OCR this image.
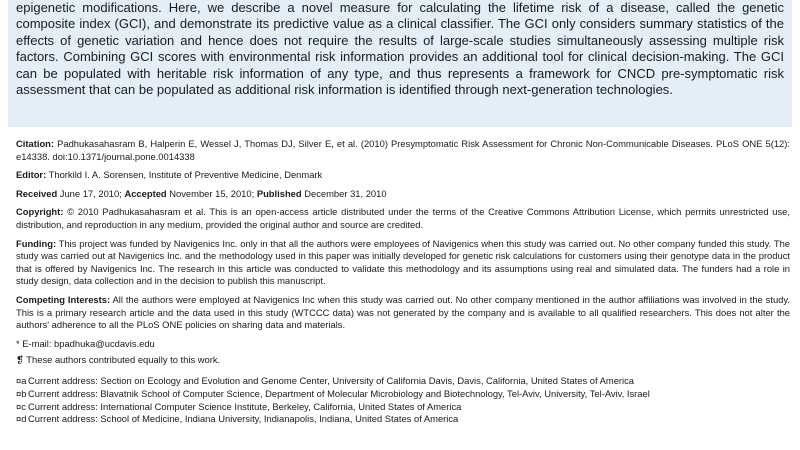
epigenetic modifications. Here, we describe a novel measure for calculating the lifetime risk of a disease, called the genetic composite index (GCI), and demonstrate its predictive value as a clinical classifier. The GCI only considers summary statistics of the effects of genetic variation and hence does not require the results of large-scale studies simultaneously assessing multiple risk factors. Combining GCI scores with environmental risk information provides an additional tool for clinical decision-making. The GCI can be populated with heritable risk information of any type, and thus represents a framework for CNCD pre-symptomatic risk assessment that can be populated as additional risk information is identified through next-generation technologies.

Citation: Padhukasahasram B, Halperin E, Wessel J, Thomas DJ, Silver E, et al. (2010) Presymptomatic Risk Assessment for Chronic Non-Communicable Diseases. PLoS ONE 5(12): e14338. doi:10.1371/journal.pone.0014338

Editor: Thorkild I. A. Sorensen, Institute of Preventive Medicine, Denmark

Received June 17, 2010; Accepted November 15, 2010; Published December 31, 2010

Copyright: © 2010 Padhukasahasram et al. This is an open-access article distributed under the terms of the Creative Commons Attribution License, which permits unrestricted use, distribution, and reproduction in any medium, provided the original author and source are credited.

Funding: This project was funded by Navigenics Inc. only in that all the authors were employees of Navigenics when this study was carried out. No other company funded this study. The study was carried out at Navigenics Inc. and the methodology used in this paper was initially developed for genetic risk calculations for customers using their genotype data in the product that is offered by Navigenics Inc. The research in this article was conducted to validate this methodology and its assumptions using real and simulated data. The funders had a role in study design, data collection and in the decision to publish this manuscript.

Competing Interests: All the authors were employed at Navigenics Inc when this study was carried out. No other company mentioned in the author affiliations was involved in the study. This is a primary research article and the data used in this study (WTCCC data) was not generated by the company and is available to all qualified researchers. This does not alter the authors' adherence to all the PLoS ONE policies on sharing data and materials.

* E-mail: bpadhuka@ucdavis.edu

❡ These authors contributed equally to this work.

¤a Current address: Section on Ecology and Evolution and Genome Center, University of California Davis, Davis, California, United States of America

¤b Current address: Blavatnik School of Computer Science, Department of Molecular Microbiology and Biotechnology, Tel-Aviv, University, Tel-Aviv, Israel

¤c Current address: International Computer Science Institute, Berkeley, California, United States of America

¤d Current address: School of Medicine, Indiana University, Indianapolis, Indiana, United States of America
